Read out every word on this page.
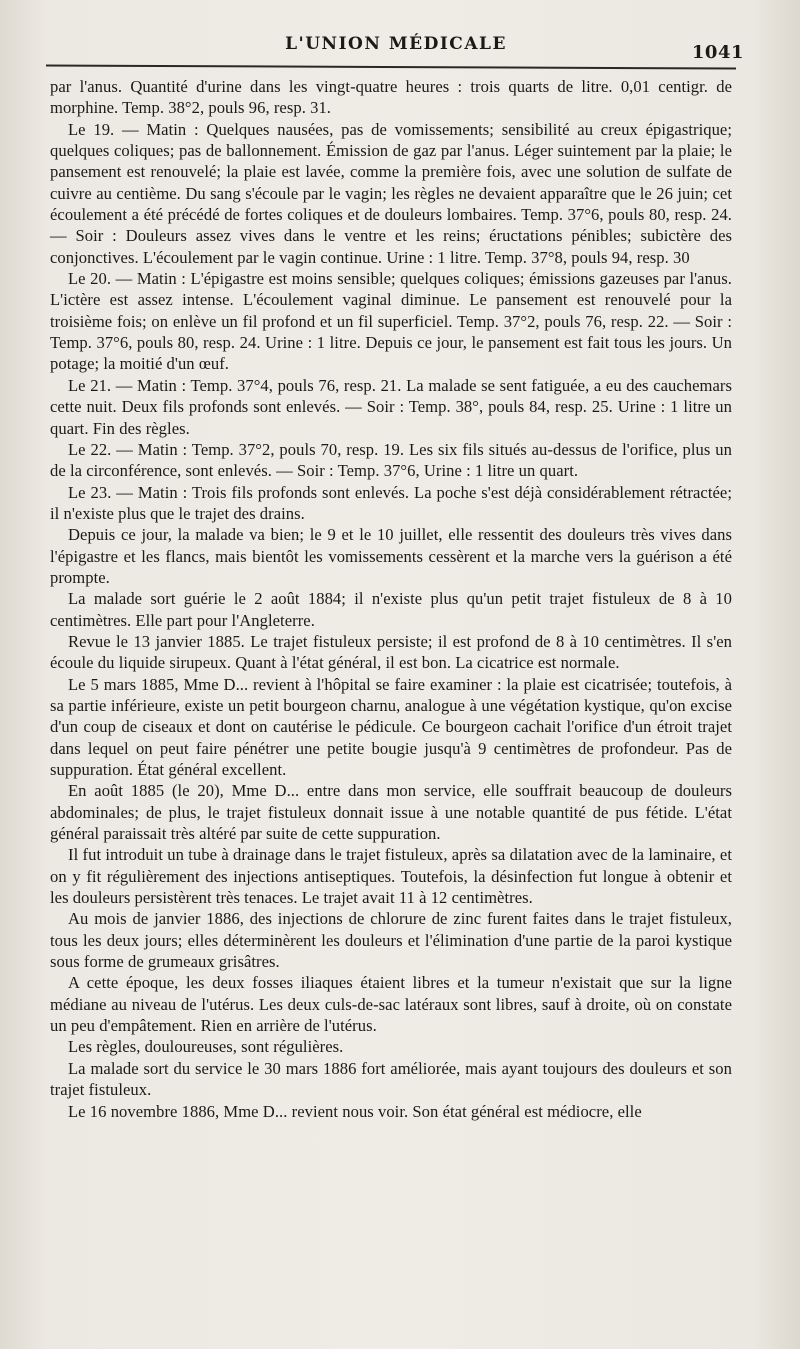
L'UNION MÉDICALE	1041

par l'anus. Quantité d'urine dans les vingt-quatre heures : trois quarts de litre. 0,01 centigr. de morphine. Temp. 38°2, pouls 96, resp. 31.

Le 19. — Matin : Quelques nausées, pas de vomissements; sensibilité au creux épigastrique; quelques coliques; pas de ballonnement. Émission de gaz par l'anus. Léger suintement par la plaie; le pansement est renouvelé; la plaie est lavée, comme la première fois, avec une solution de sulfate de cuivre au centième. Du sang s'écoule par le vagin; les règles ne devaient apparaître que le 26 juin; cet écoulement a été précédé de fortes coliques et de douleurs lombaires. Temp. 37°6, pouls 80, resp. 24. — Soir : Douleurs assez vives dans le ventre et les reins; éructations pénibles; subictère des conjonctives. L'écoulement par le vagin continue. Urine : 1 litre. Temp. 37°8, pouls 94, resp. 30

Le 20. — Matin : L'épigastre est moins sensible; quelques coliques; émissions gazeuses par l'anus. L'ictère est assez intense. L'écoulement vaginal diminue. Le pansement est renouvelé pour la troisième fois; on enlève un fil profond et un fil superficiel. Temp. 37°2, pouls 76, resp. 22. — Soir : Temp. 37°6, pouls 80, resp. 24. Urine : 1 litre. Depuis ce jour, le pansement est fait tous les jours. Un potage; la moitié d'un œuf.

Le 21. — Matin : Temp. 37°4, pouls 76, resp. 21. La malade se sent fatiguée, a eu des cauchemars cette nuit. Deux fils profonds sont enlevés. — Soir : Temp. 38°, pouls 84, resp. 25. Urine : 1 litre un quart. Fin des règles.

Le 22. — Matin : Temp. 37°2, pouls 70, resp. 19. Les six fils situés au-dessus de l'orifice, plus un de la circonférence, sont enlevés. — Soir : Temp. 37°6, Urine : 1 litre un quart.

Le 23. — Matin : Trois fils profonds sont enlevés. La poche s'est déjà considérablement rétractée; il n'existe plus que le trajet des drains.

Depuis ce jour, la malade va bien; le 9 et le 10 juillet, elle ressentit des douleurs très vives dans l'épigastre et les flancs, mais bientôt les vomissements cessèrent et la marche vers la guérison a été prompte.

La malade sort guérie le 2 août 1884; il n'existe plus qu'un petit trajet fistuleux de 8 à 10 centimètres. Elle part pour l'Angleterre.

Revue le 13 janvier 1885. Le trajet fistuleux persiste; il est profond de 8 à 10 centimètres. Il s'en écoule du liquide sirupeux. Quant à l'état général, il est bon. La cicatrice est normale.

Le 5 mars 1885, Mme D... revient à l'hôpital se faire examiner : la plaie est cicatrisée; toutefois, à sa partie inférieure, existe un petit bourgeon charnu, analogue à une végétation kystique, qu'on excise d'un coup de ciseaux et dont on cautérise le pédicule. Ce bourgeon cachait l'orifice d'un étroit trajet dans lequel on peut faire pénétrer une petite bougie jusqu'à 9 centimètres de profondeur. Pas de suppuration. État général excellent.

En août 1885 (le 20), Mme D... entre dans mon service, elle souffrait beaucoup de douleurs abdominales; de plus, le trajet fistuleux donnait issue à une notable quantité de pus fétide. L'état général paraissait très altéré par suite de cette suppuration.

Il fut introduit un tube à drainage dans le trajet fistuleux, après sa dilatation avec de la laminaire, et on y fit régulièrement des injections antiseptiques. Toutefois, la désinfection fut longue à obtenir et les douleurs persistèrent très tenaces. Le trajet avait 11 à 12 centimètres.

Au mois de janvier 1886, des injections de chlorure de zinc furent faites dans le trajet fistuleux, tous les deux jours; elles déterminèrent les douleurs et l'élimination d'une partie de la paroi kystique sous forme de grumeaux grisâtres.

A cette époque, les deux fosses iliaques étaient libres et la tumeur n'existait que sur la ligne médiane au niveau de l'utérus. Les deux culs-de-sac latéraux sont libres, sauf à droite, où on constate un peu d'empâtement. Rien en arrière de l'utérus.

Les règles, douloureuses, sont régulières.

La malade sort du service le 30 mars 1886 fort améliorée, mais ayant toujours des douleurs et son trajet fistuleux.

Le 16 novembre 1886, Mme D... revient nous voir. Son état général est médiocre, elle
